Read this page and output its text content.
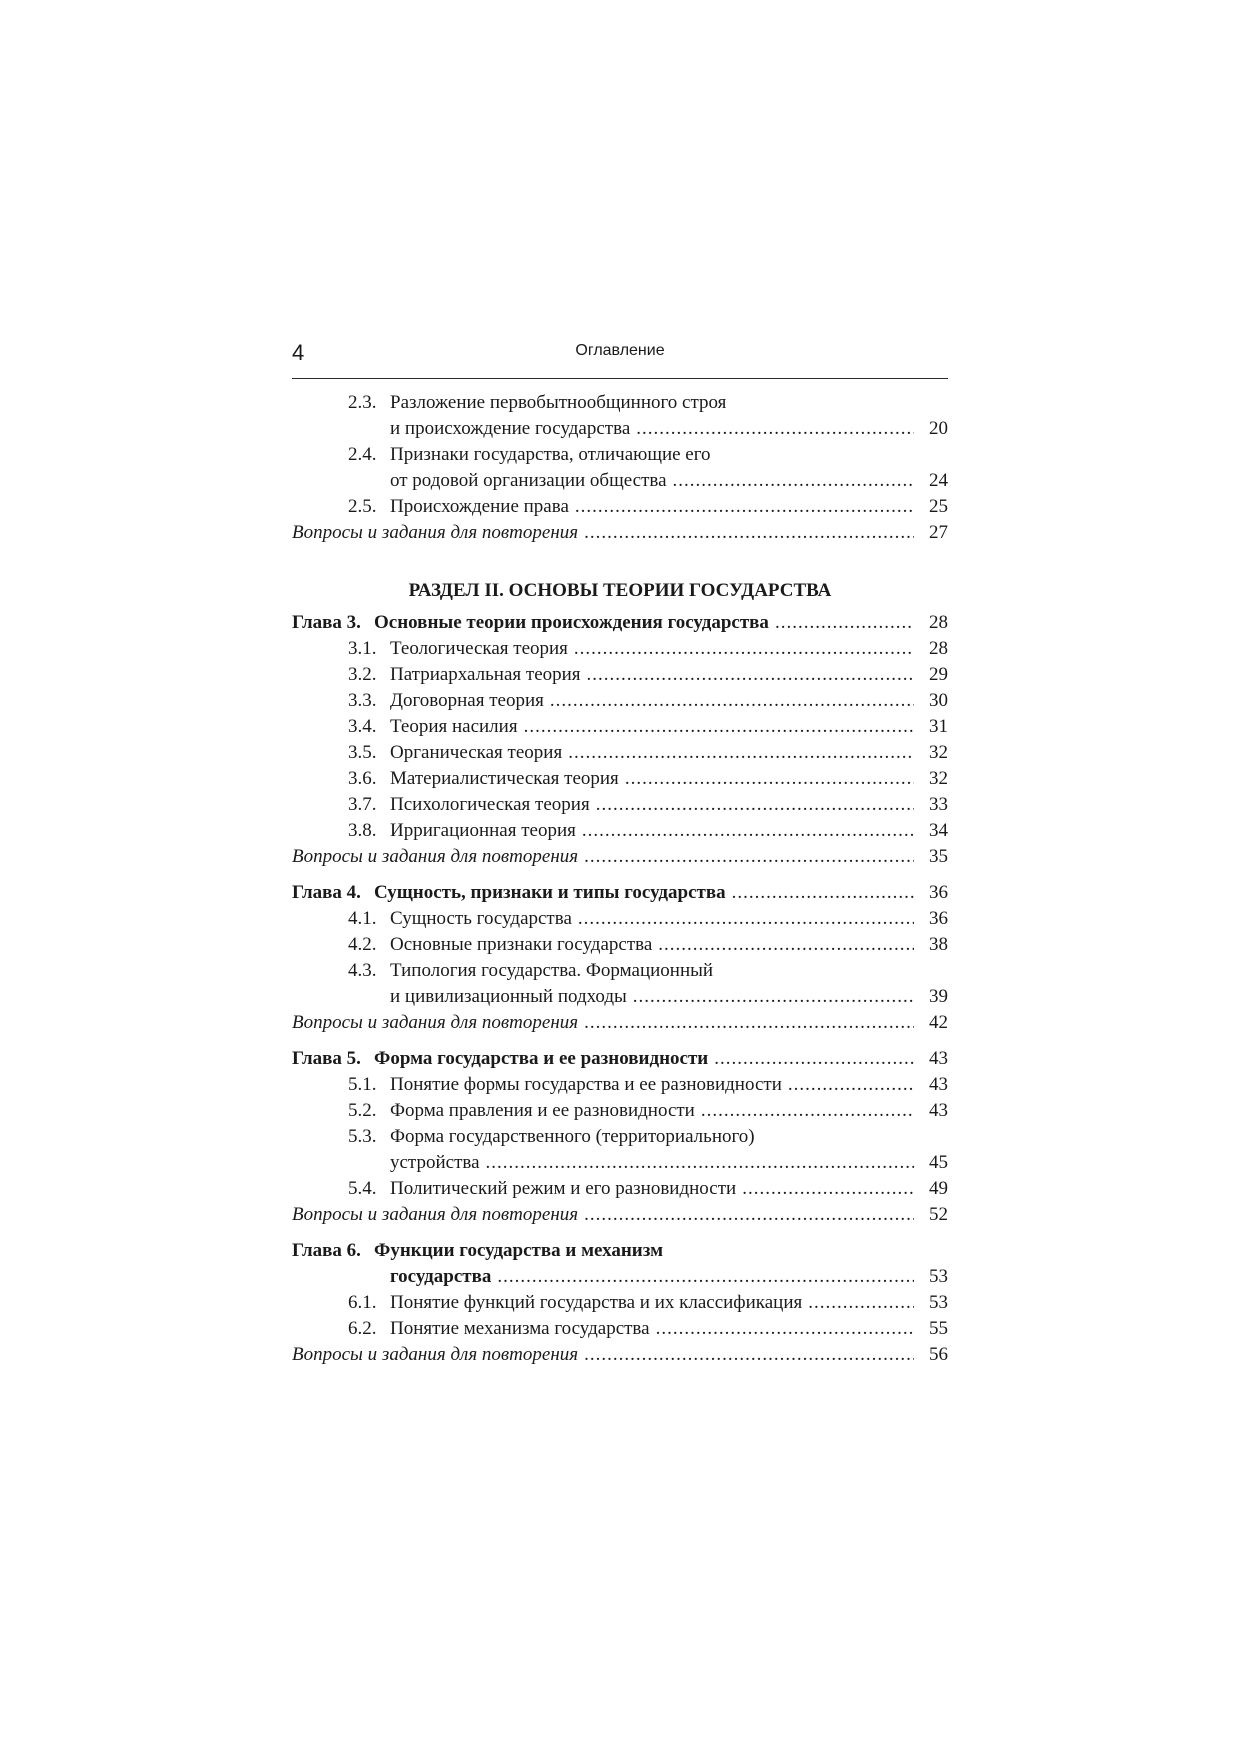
4	Оглавление
2.3. Разложение первобытнообщинного строя
и происхождение государства .....	20
2.4. Признаки государства, отличающие его
от родовой организации общества .....	24
2.5. Происхождение права .....	25
Вопросы и задания для повторения .....	27
РАЗДЕЛ II. ОСНОВЫ ТЕОРИИ ГОСУДАРСТВА
Глава 3. Основные теории происхождения государства .....	28
3.1. Теологическая теория .....	28
3.2. Патриархальная теория .....	29
3.3. Договорная теория .....	30
3.4. Теория насилия .....	31
3.5. Органическая теория .....	32
3.6. Материалистическая теория .....	32
3.7. Психологическая теория .....	33
3.8. Ирригационная теория .....	34
Вопросы и задания для повторения .....	35
Глава 4. Сущность, признаки и типы государства .....	36
4.1. Сущность государства .....	36
4.2. Основные признаки государства .....	38
4.3. Типология государства. Формационный
и цивилизационный подходы .....	39
Вопросы и задания для повторения .....	42
Глава 5. Форма государства и ее разновидности .....	43
5.1. Понятие формы государства и ее разновидности .....	43
5.2. Форма правления и ее разновидности .....	43
5.3. Форма государственного (территориального)
устройства .....	45
5.4. Политический режим и его разновидности .....	49
Вопросы и задания для повторения .....	52
Глава 6. Функции государства и механизм
государства .....	53
6.1. Понятие функций государства и их классификация .....	53
6.2. Понятие механизма государства .....	55
Вопросы и задания для повторения .....	56
